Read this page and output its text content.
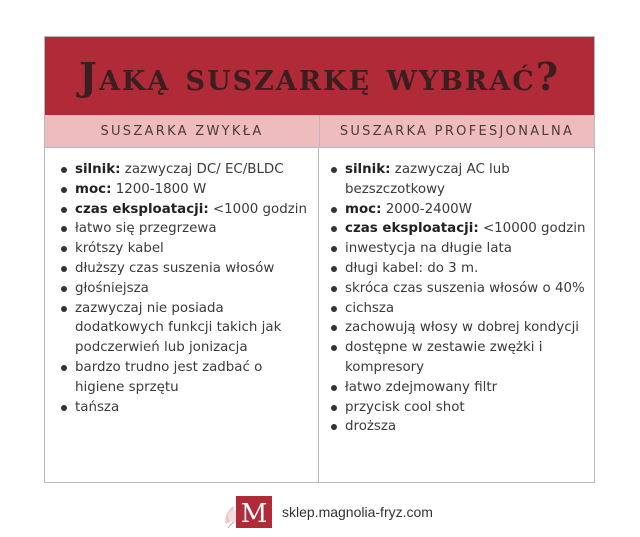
Jaką suszarkę wybrać?
SUSZARKA ZWYKŁA	SUSZARKA PROFESJONALNA
silnik: zazwyczaj DC/ EC/BLDC
moc: 1200-1800 W
czas eksploatacji: <1000 godzin
łatwo się przegrzewa
krótszy kabel
dłuższy czas suszenia włosów
głośniejsza
zazwyczaj nie posiada dodatkowych funkcji takich jak podczerwień lub jonizacja
bardzo trudno jest zadbać o higiene sprzętu
tańsza
silnik: zazwyczaj AC lub bezszczotkowy
moc: 2000-2400W
czas eksploatacji: <10000 godzin
inwestycja na długie lata
długi kabel: do 3 m.
skróca czas suszenia włosów o 40%
cichsza
zachowują włosy w dobrej kondycji
dostępne w zestawie zwężki i kompresory
łatwo zdejmowany filtr
przycisk cool shot
droższa
M sklep.magnolia-fryz.com
